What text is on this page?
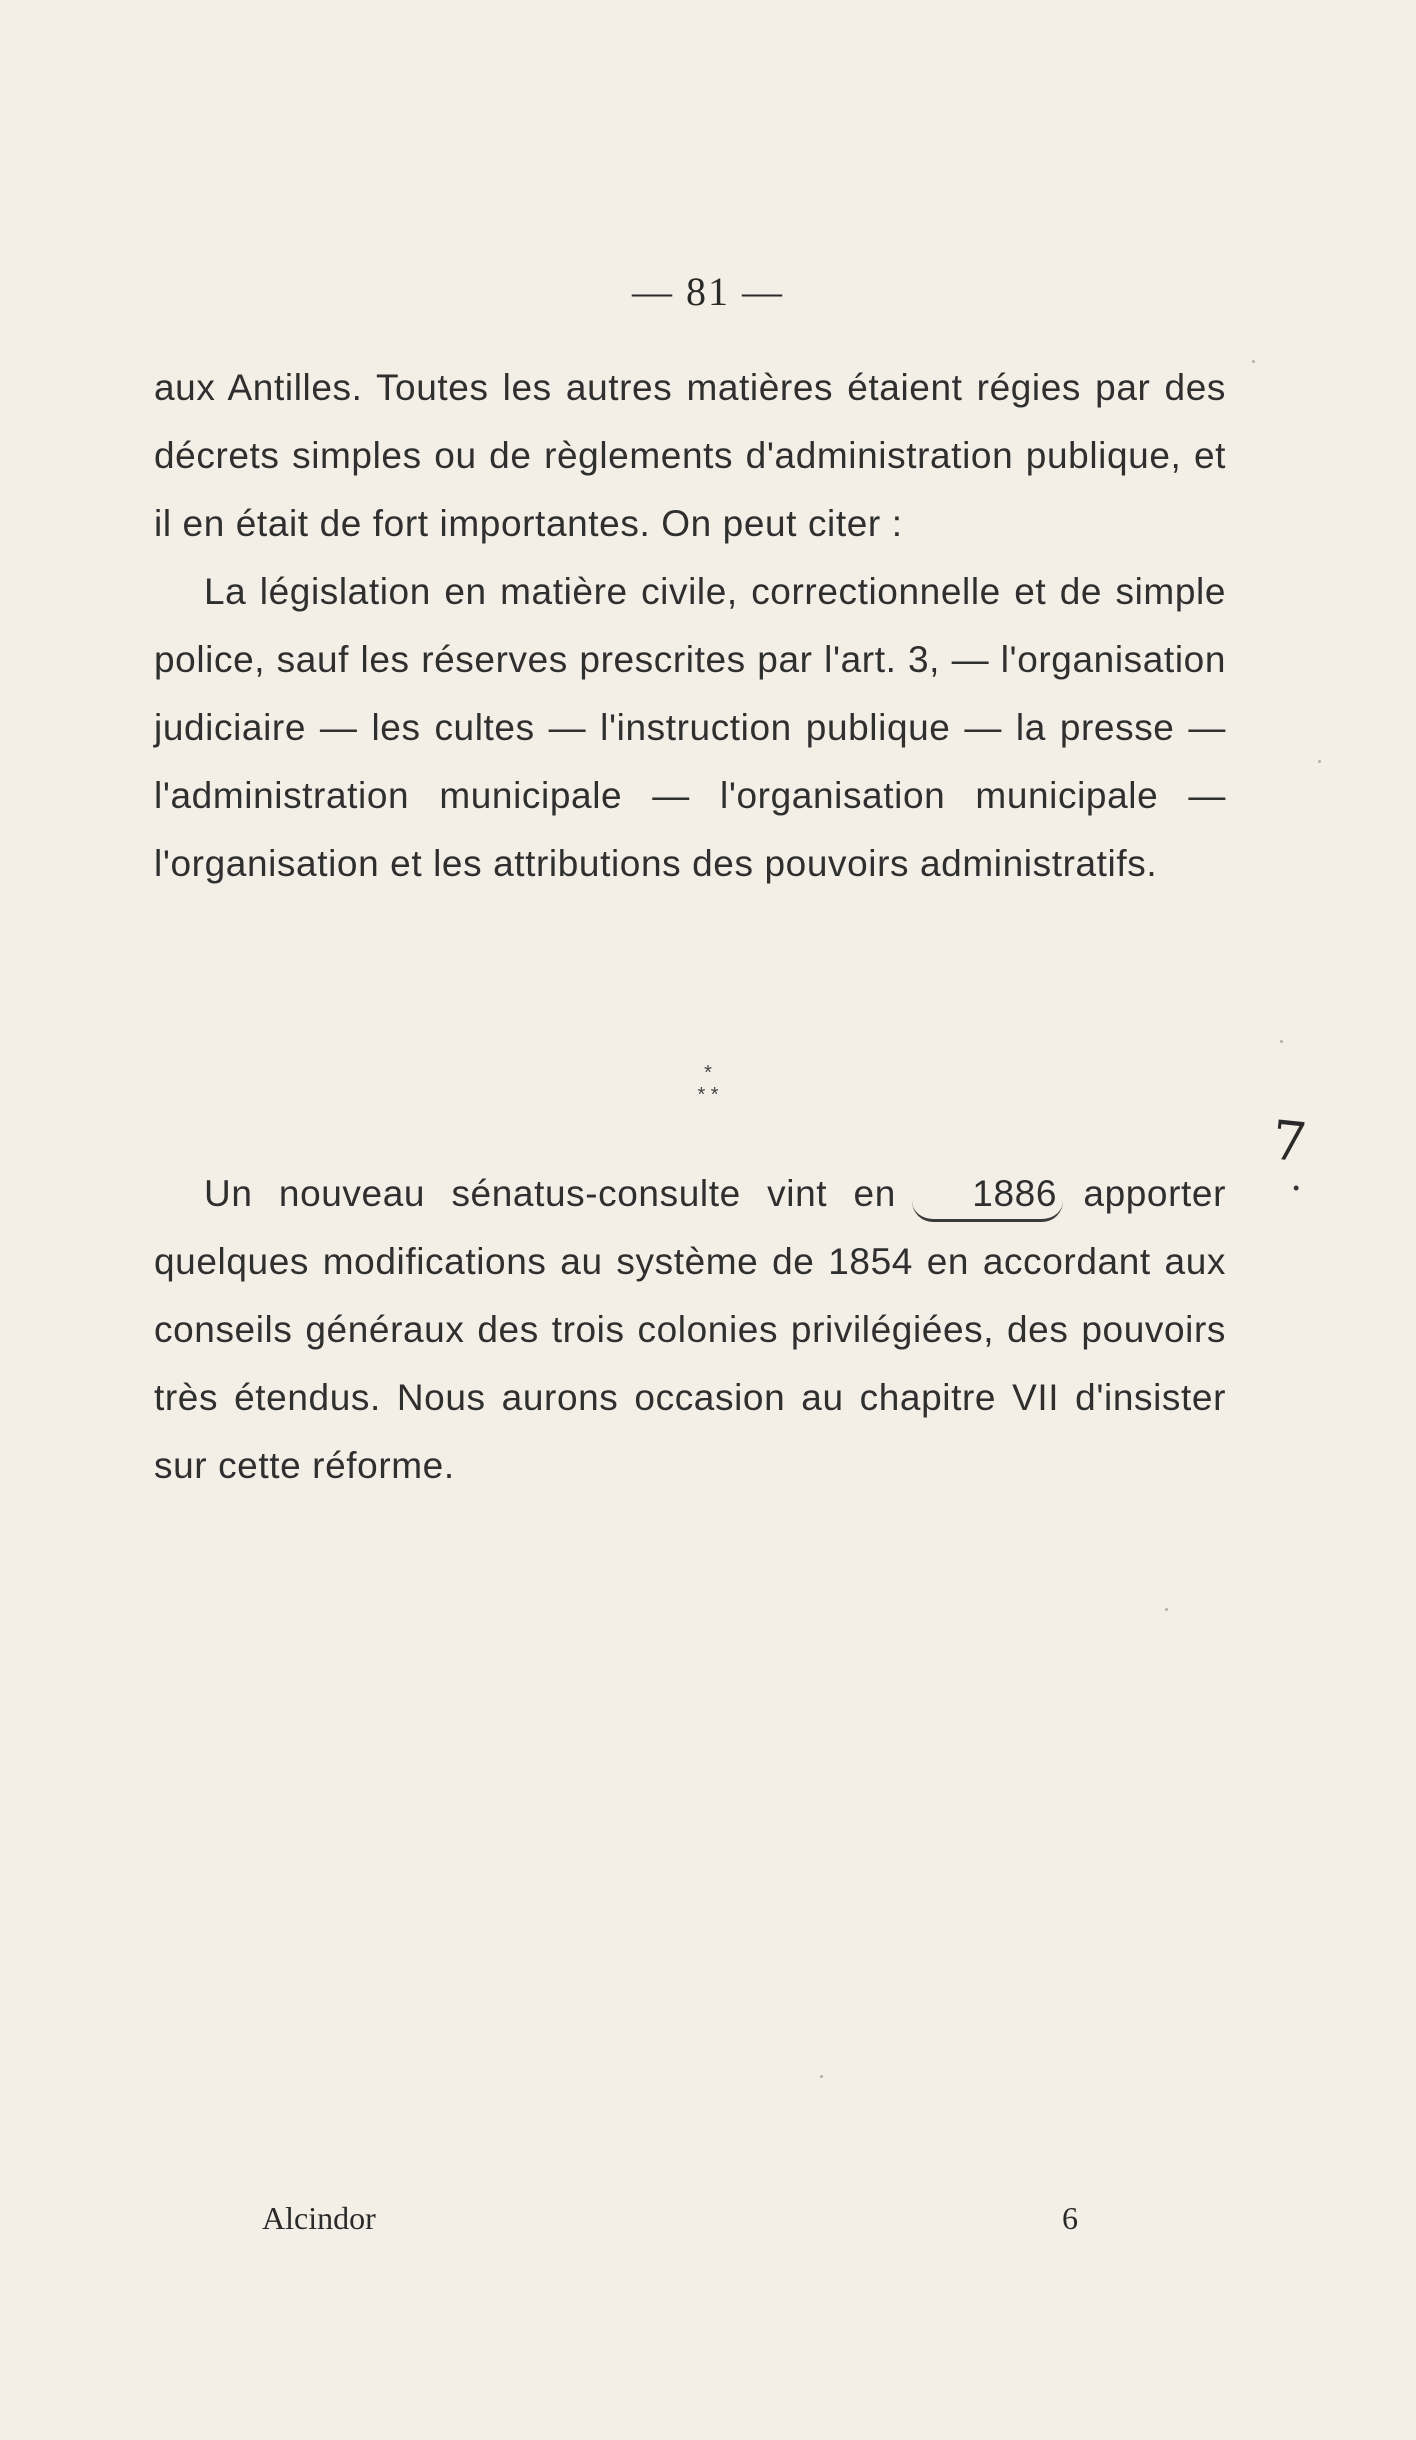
— 81 —

aux Antilles. Toutes les autres matières étaient régies par des décrets simples ou de règlements d'administration publique, et il en était de fort importantes. On peut citer :

La législation en matière civile, correctionnelle et de simple police, sauf les réserves prescrites par l'art. 3, — l'organisation judiciaire — les cultes — l'instruction publique — la presse — l'administration municipale — l'organisation municipale — l'organisation et les attributions des pouvoirs administratifs.

*
* *
7
•

Un nouveau sénatus-consulte vint en 1886 apporter quelques modifications au système de 1854 en accordant aux conseils généraux des trois colonies privilégiées, des pouvoirs très étendus. Nous aurons occasion au chapitre VII d'insister sur cette réforme.

Alcindor	6
